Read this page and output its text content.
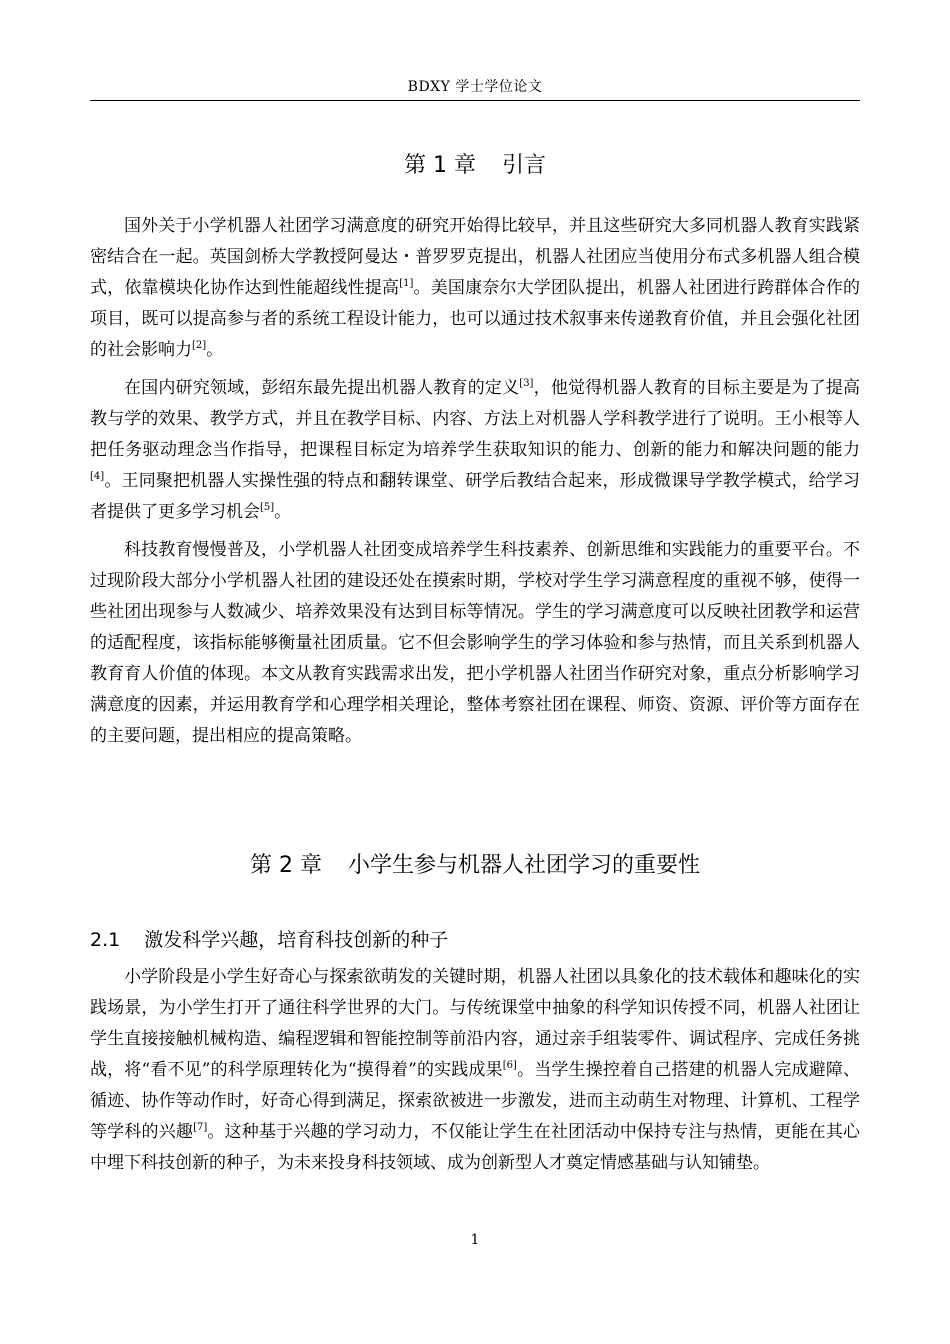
BDXY 学士学位论文
第 1 章 引言

国外关于小学机器人社团学习满意度的研究开始得比较早，并且这些研究大多同机器人教育实践紧密结合在一起。英国剑桥大学教授阿曼达・普罗罗克提出，机器人社团应当使用分布式多机器人组合模式，依靠模块化协作达到性能超线性提高[1]。美国康奈尔大学团队提出，机器人社团进行跨群体合作的项目，既可以提高参与者的系统工程设计能力，也可以通过技术叙事来传递教育价值，并且会强化社团的社会影响力[2]。

在国内研究领域，彭绍东最先提出机器人教育的定义[3]，他觉得机器人教育的目标主要是为了提高教与学的效果、教学方式，并且在教学目标、内容、方法上对机器人学科教学进行了说明。王小根等人把任务驱动理念当作指导，把课程目标定为培养学生获取知识的能力、创新的能力和解决问题的能力[4]。王同聚把机器人实操性强的特点和翻转课堂、研学后教结合起来，形成微课导学教学模式，给学习者提供了更多学习机会[5]。

科技教育慢慢普及，小学机器人社团变成培养学生科技素养、创新思维和实践能力的重要平台。不过现阶段大部分小学机器人社团的建设还处在摸索时期，学校对学生学习满意程度的重视不够，使得一些社团出现参与人数减少、培养效果没有达到目标等情况。学生的学习满意度可以反映社团教学和运营的适配程度，该指标能够衡量社团质量。它不但会影响学生的学习体验和参与热情，而且关系到机器人教育育人价值的体现。本文从教育实践需求出发，把小学机器人社团当作研究对象，重点分析影响学习满意度的因素，并运用教育学和心理学相关理论，整体考察社团在课程、师资、资源、评价等方面存在的主要问题，提出相应的提高策略。

第 2 章 小学生参与机器人社团学习的重要性
2.1 激发科学兴趣，培育科技创新的种子

小学阶段是小学生好奇心与探索欲萌发的关键时期，机器人社团以具象化的技术载体和趣味化的实践场景，为小学生打开了通往科学世界的大门。与传统课堂中抽象的科学知识传授不同，机器人社团让学生直接接触机械构造、编程逻辑和智能控制等前沿内容，通过亲手组装零件、调试程序、完成任务挑战，将“看不见”的科学原理转化为“摸得着”的实践成果[6]。当学生操控着自己搭建的机器人完成避障、循迹、协作等动作时，好奇心得到满足，探索欲被进一步激发，进而主动萌生对物理、计算机、工程学等学科的兴趣[7]。这种基于兴趣的学习动力，不仅能让学生在社团活动中保持专注与热情，更能在其心中埋下科技创新的种子，为未来投身科技领域、成为创新型人才奠定情感基础与认知铺垫。

1
